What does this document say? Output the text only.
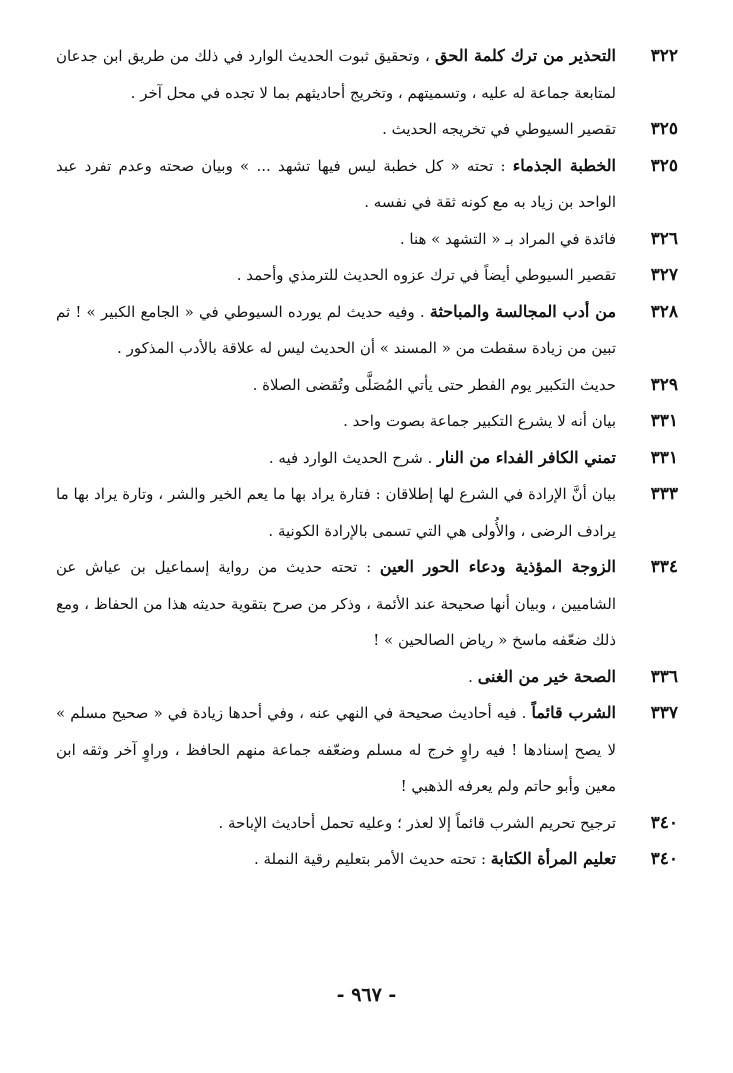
٣٢٢
التحذير من ترك كلمة الحق ، وتحقيق ثبوت الحديث الوارد في ذلك من طريق ابن جدعان لمتابعة جماعة له عليه ، وتسميتهم ، وتخريج أحاديثهم بما لا تجده في محل آخر .
٣٢٥
تقصير السيوطي في تخريجه الحديث .
٣٢٥
الخطبة الجذماء : تحته « كل خطبة ليس فيها تشهد ... » وبيان صحته وعدم تفرد عبد الواحد بن زياد به مع كونه ثقة في نفسه .
٣٢٦
فائدة في المراد بـ « التشهد » هنا .
٣٢٧
تقصير السيوطي أيضاً في ترك عزوه الحديث للترمذي وأحمد .
٣٢٨
من أدب المجالسة والمباحثة . وفيه حديث لم يورده السيوطي في « الجامع الكبير » ! ثم تبين من زيادة سقطت من « المسند » أن الحديث ليس له علاقة بالأدب المذكور .
٣٢٩
حديث التكبير يوم الفطر حتى يأتي المُصَلَّى وتُقضى الصلاة .
٣٣١
بيان أنه لا يشرع التكبير جماعة بصوت واحد .
٣٣١
تمني الكافر الفداء من النار . شرح الحديث الوارد فيه .
٣٣٣
بيان أنَّ الإرادة في الشرع لها إطلاقان : فتارة يراد بها ما يعم الخير والشر ، وتارة يراد بها ما يرادف الرضى ، والأُولى هي التي تسمى بالإرادة الكونية .
٣٣٤
الزوجة المؤذية ودعاء الحور العين : تحته حديث من رواية إسماعيل بن عياش عن الشاميين ، وبيان أنها صحيحة عند الأئمة ، وذكر من صرح بتقوية حديثه هذا من الحفاظ ، ومع ذلك ضعّفه ماسخ « رياض الصالحين » !
٣٣٦
الصحة خير من الغنى .
٣٣٧
الشرب قائماً . فيه أحاديث صحيحة في النهي عنه ، وفي أحدها زيادة في « صحيح مسلم » لا يصح إسنادها ! فيه راوٍ خرج له مسلم وضعّفه جماعة منهم الحافظ ، وراوٍ آخر وثقه ابن معين وأبو حاتم ولم يعرفه الذهبي !
٣٤٠
ترجيح تحريم الشرب قائماً إلا لعذر ؛ وعليه تحمل أحاديث الإباحة .
٣٤٠
تعليم المرأة الكتابة : تحته حديث الأمر بتعليم رقية النملة .
- ٩٦٧ -
